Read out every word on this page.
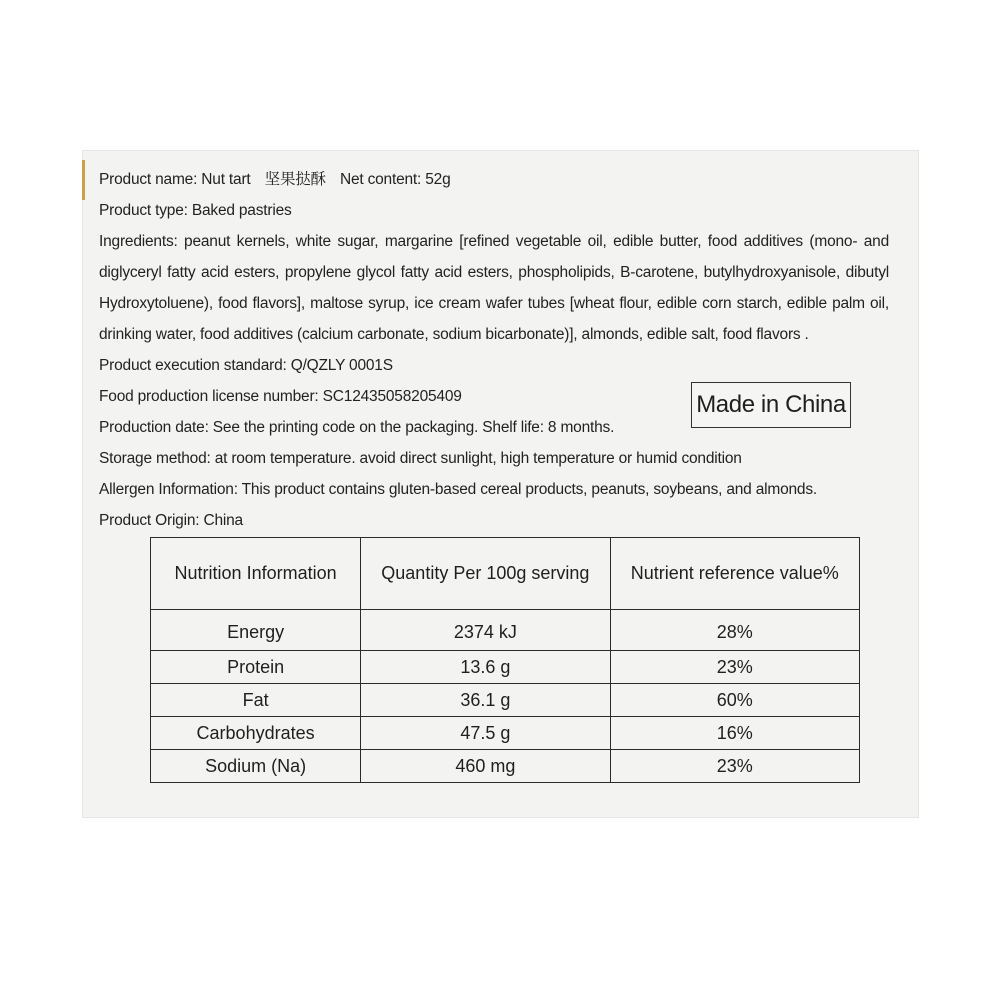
Product name: Nut tart 坚果挞酥 Net content: 52g
Product type: Baked pastries
Ingredients: peanut kernels, white sugar, margarine [refined vegetable oil, edible butter, food additives (mono- and diglyceryl fatty acid esters, propylene glycol fatty acid esters, phospholipids, B-carotene, butylhydroxyanisole, dibutyl Hydroxytoluene), food flavors], maltose syrup, ice cream wafer tubes [wheat flour, edible corn starch, edible palm oil, drinking water, food additives (calcium carbonate, sodium bicarbonate)], almonds, edible salt, food flavors .
Product execution standard: Q/QZLY 0001S
Food production license number: SC12435058205409
Production date: See the printing code on the packaging. Shelf life: 8 months.
Storage method: at room temperature. avoid direct sunlight, high temperature or humid condition
Allergen Information: This product contains gluten-based cereal products, peanuts, soybeans, and almonds.
Product Origin: China
Made in China
Nutrition Information	Quantity Per 100g serving	Nutrient reference value%
Energy	2374 kJ	28%
Protein	13.6 g	23%
Fat	36.1 g	60%
Carbohydrates	47.5 g	16%
Sodium (Na)	460 mg	23%
